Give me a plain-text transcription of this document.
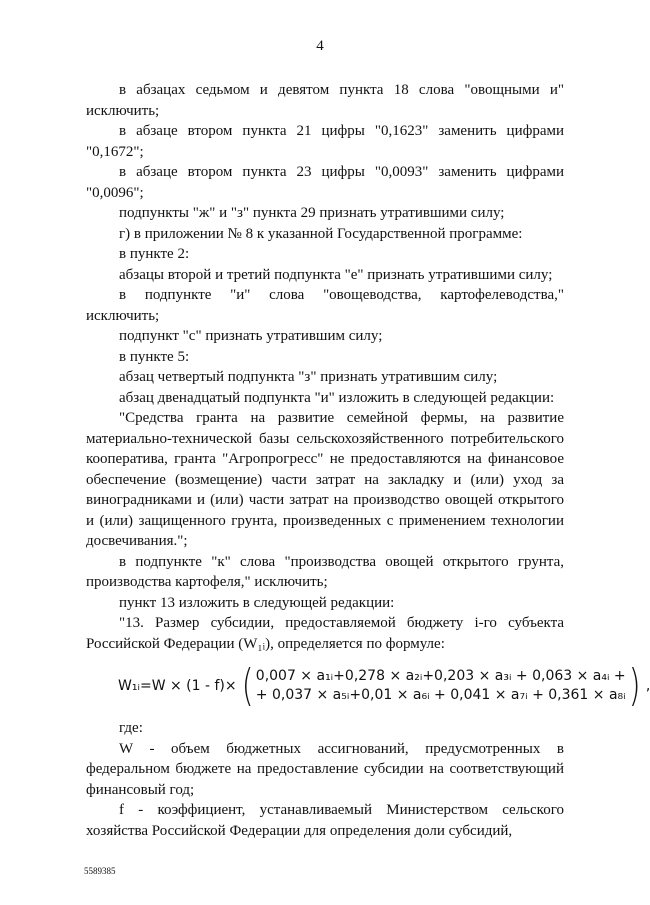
4

в абзацах седьмом и девятом пункта 18 слова "овощными и" исключить;

в абзаце втором пункта 21 цифры "0,1623" заменить цифрами "0,1672";

в абзаце втором пункта 23 цифры "0,0093" заменить цифрами "0,0096";

подпункты "ж" и "з" пункта 29 признать утратившими силу;

г) в приложении № 8 к указанной Государственной программе:

в пункте 2:

абзацы второй и третий подпункта "е" признать утратившими силу;

в подпункте "и" слова "овощеводства, картофелеводства," исключить;

подпункт "с" признать утратившим силу;

в пункте 5:

абзац четвертый подпункта "з" признать утратившим силу;

абзац двенадцатый подпункта "и" изложить в следующей редакции:

"Средства гранта на развитие семейной фермы, на развитие материально-технической базы сельскохозяйственного потребительского кооператива, гранта "Агропрогресс" не предоставляются на финансовое обеспечение (возмещение) части затрат на закладку и (или) уход за виноградниками и (или) части затрат на производство овощей открытого и (или) защищенного грунта, произведенных с применением технологии досвечивания.";

в подпункте "к" слова "производства овощей открытого грунта, производства картофеля," исключить;

пункт 13 изложить в следующей редакции:

"13. Размер субсидии, предоставляемой бюджету i-го субъекта Российской Федерации (W₁ᵢ), определяется по формуле:

W₁ᵢ=W × (1 - f)× ( 0,007 × a₁ᵢ+0,278 × a₂ᵢ+0,203 × a₃ᵢ + 0,063 × a₄ᵢ +
+ 0,037 × a₅ᵢ+0,01 × a₆ᵢ + 0,041 × a₇ᵢ + 0,361 × a₈ᵢ ) ,

где:

W - объем бюджетных ассигнований, предусмотренных в федеральном бюджете на предоставление субсидии на соответствующий финансовый год;

f - коэффициент, устанавливаемый Министерством сельского хозяйства Российской Федерации для определения доли субсидий,

5589385
